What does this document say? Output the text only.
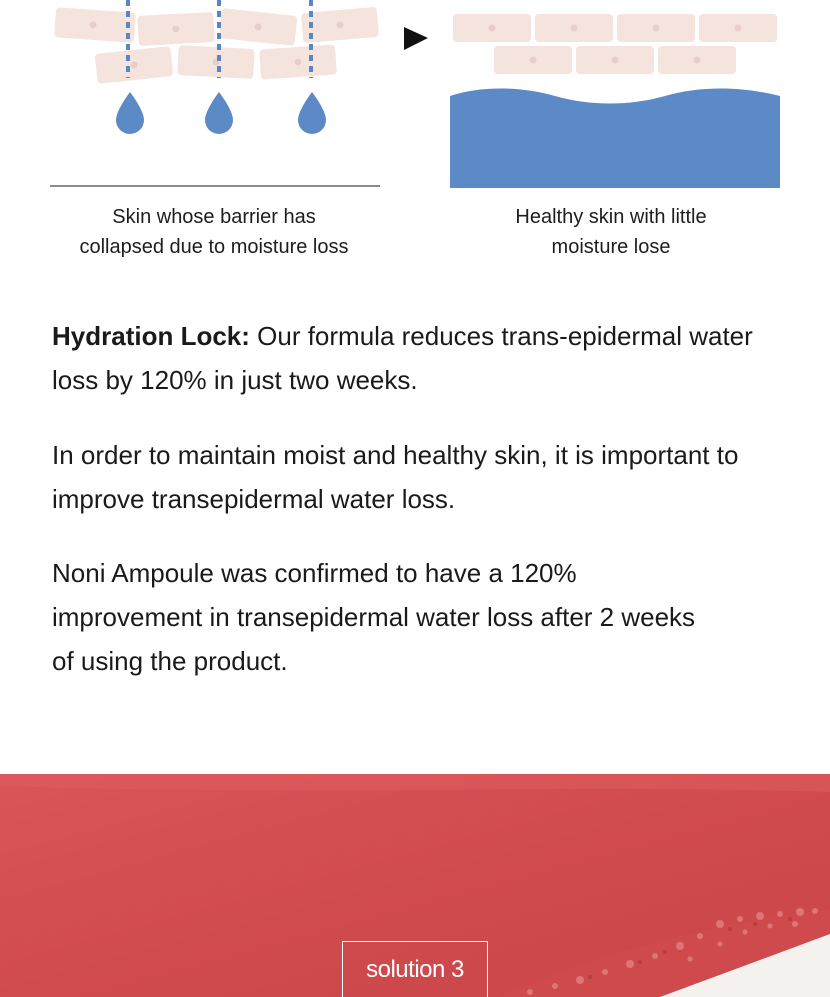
Skin whose barrier has
collapsed due to moisture loss
Healthy skin with little
moisture lose

Hydration Lock: Our formula reduces trans-epidermal water loss by 120% in just two weeks.

In order to maintain moist and healthy skin, it is important to improve transepidermal water loss.

Noni Ampoule was confirmed to have a 120% improvement in transepidermal water loss after 2 weeks of using the product.

solution 3
